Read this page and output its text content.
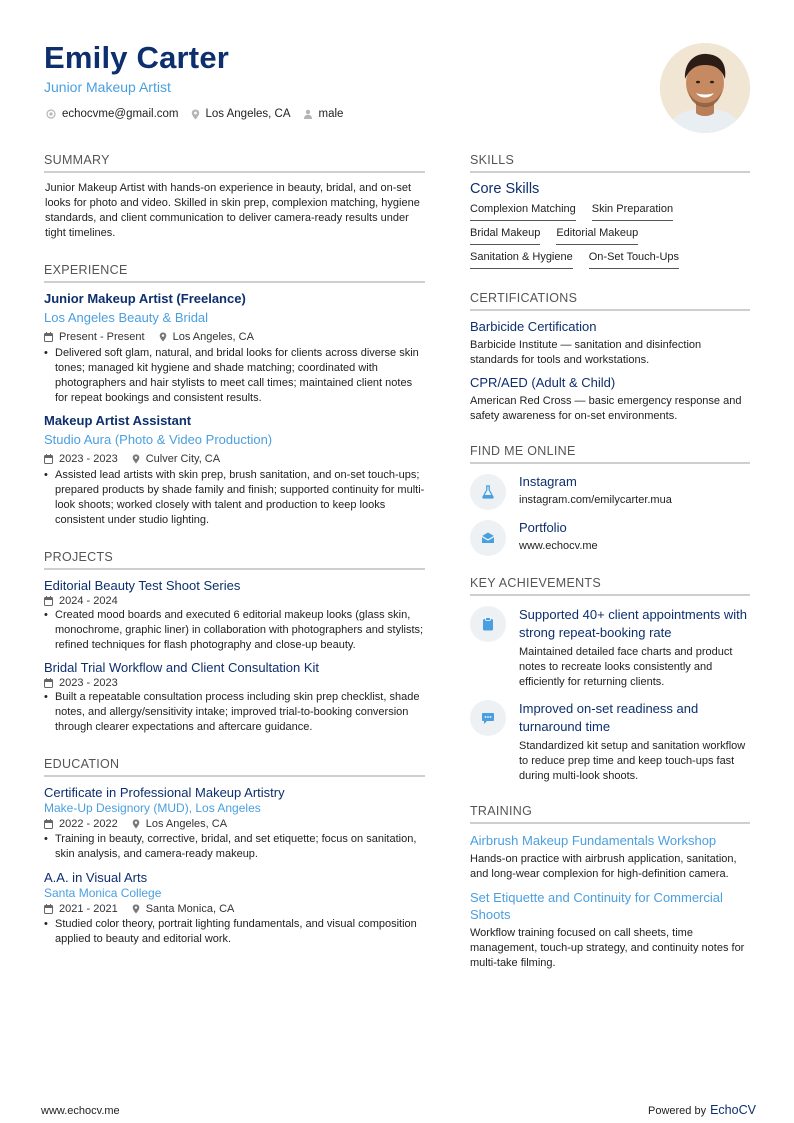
Emily Carter
Junior Makeup Artist
echocvme@gmail.com Los Angeles, CA male
SUMMARY
Junior Makeup Artist with hands-on experience in beauty, bridal, and on-set looks for photo and video. Skilled in skin prep, complexion matching, hygiene standards, and client communication to deliver camera-ready results under tight timelines.
EXPERIENCE
Junior Makeup Artist (Freelance)
Los Angeles Beauty & Bridal
Present - Present	Los Angeles, CA
• Delivered soft glam, natural, and bridal looks for clients across diverse skin tones; managed kit hygiene and shade matching; coordinated with photographers and hair stylists to meet call times; maintained client notes for repeat bookings and consistent results.
Makeup Artist Assistant
Studio Aura (Photo & Video Production)
2023 - 2023	Culver City, CA
• Assisted lead artists with skin prep, brush sanitation, and on-set touch-ups; prepared products by shade family and finish; supported continuity for multi-look shoots; worked closely with talent and production to keep looks consistent under studio lighting.
PROJECTS
Editorial Beauty Test Shoot Series
2024 - 2024
• Created mood boards and executed 6 editorial makeup looks (glass skin, monochrome, graphic liner) in collaboration with photographers and stylists; refined techniques for flash photography and close-up beauty.
Bridal Trial Workflow and Client Consultation Kit
2023 - 2023
• Built a repeatable consultation process including skin prep checklist, shade notes, and allergy/sensitivity intake; improved trial-to-booking conversion through clearer expectations and aftercare guidance.
EDUCATION
Certificate in Professional Makeup Artistry
Make-Up Designory (MUD), Los Angeles
2022 - 2022	Los Angeles, CA
• Training in beauty, corrective, bridal, and set etiquette; focus on sanitation, skin analysis, and camera-ready makeup.
A.A. in Visual Arts
Santa Monica College
2021 - 2021	Santa Monica, CA
• Studied color theory, portrait lighting fundamentals, and visual composition applied to beauty and editorial work.
SKILLS
Core Skills
Complexion Matching Skin Preparation
Bridal Makeup Editorial Makeup
Sanitation & Hygiene On-Set Touch-Ups
CERTIFICATIONS
Barbicide Certification
Barbicide Institute — sanitation and disinfection standards for tools and workstations.
CPR/AED (Adult & Child)
American Red Cross — basic emergency response and safety awareness for on-set environments.
FIND ME ONLINE
Instagram
instagram.com/emilycarter.mua
Portfolio
www.echocv.me
KEY ACHIEVEMENTS
Supported 40+ client appointments with strong repeat-booking rate
Maintained detailed face charts and product notes to recreate looks consistently and efficiently for returning clients.
Improved on-set readiness and turnaround time
Standardized kit setup and sanitation workflow to reduce prep time and keep touch-ups fast during multi-look shoots.
TRAINING
Airbrush Makeup Fundamentals Workshop
Hands-on practice with airbrush application, sanitation, and long-wear complexion for high-definition camera.
Set Etiquette and Continuity for Commercial Shoots
Workflow training focused on call sheets, time management, touch-up strategy, and continuity notes for multi-take filming.
www.echocv.me	Powered by EchoCV
